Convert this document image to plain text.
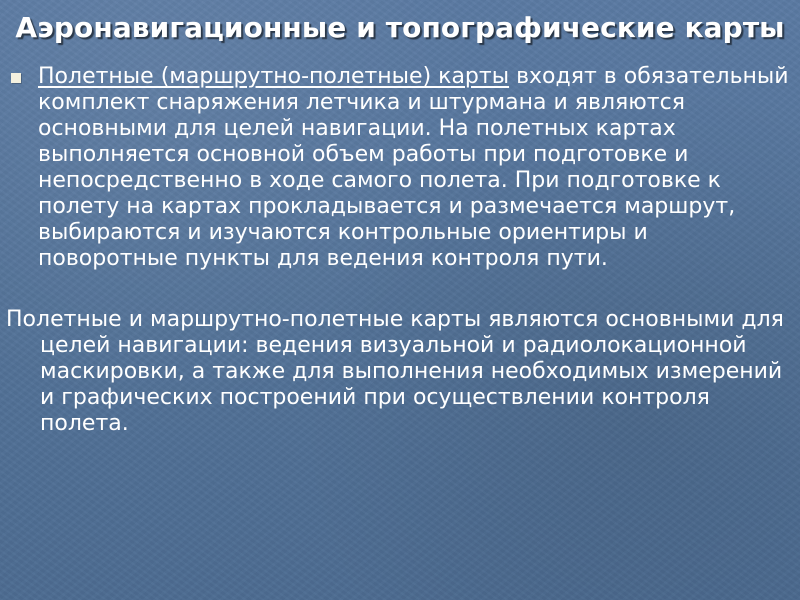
Аэронавигационные и топографические карты
Полетные (маршрутно-полетные) карты входят в обязательный комплект снаряжения летчика и штурмана и являются основными для целей навигации. На полетных картах выполняется основной объем работы при подготовке и непосредственно в ходе самого полета. При подготовке к полету на картах прокладывается и размечается маршрут, выбираются и изучаются контрольные ориентиры и поворотные пункты для ведения контроля пути.

Полетные и маршрутно-полетные карты являются основными для целей навигации: ведения визуальной и радиолокационной маскировки, а также для выполнения необходимых измерений и графических построений при осуществлении контроля полета.
